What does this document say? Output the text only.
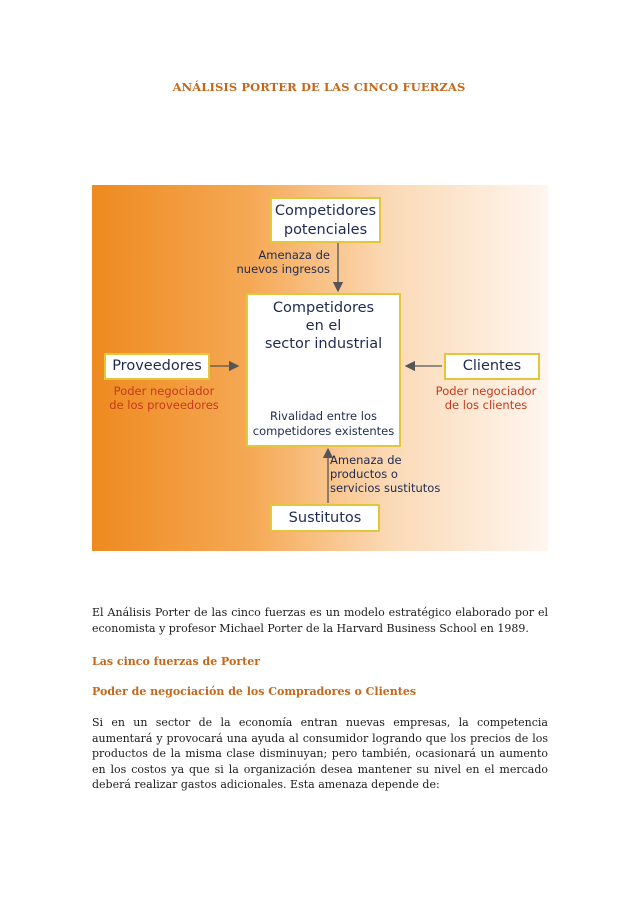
ANÁLISIS PORTER DE LAS CINCO FUERZAS
Competidores
potenciales
Amenaza de
nuevos ingresos
Competidores
en el
sector industrial
Rivalidad entre los
competidores existentes
Proveedores
Poder negociador
de los proveedores
Clientes
Poder negociador
de los clientes
Amenaza de
productos o
servicios sustitutos
Sustitutos
El Análisis Porter de las cinco fuerzas es un modelo estratégico elaborado por el economista y profesor Michael Porter de la Harvard Business School en 1989.
Las cinco fuerzas de Porter
Poder de negociación de los Compradores o Clientes
Si en un sector de la economía entran nuevas empresas, la competencia aumentará y provocará una ayuda al consumidor logrando que los precios de los productos de la misma clase disminuyan; pero también, ocasionará un aumento en los costos ya que si la organización desea mantener su nivel en el mercado deberá realizar gastos adicionales. Esta amenaza depende de:
